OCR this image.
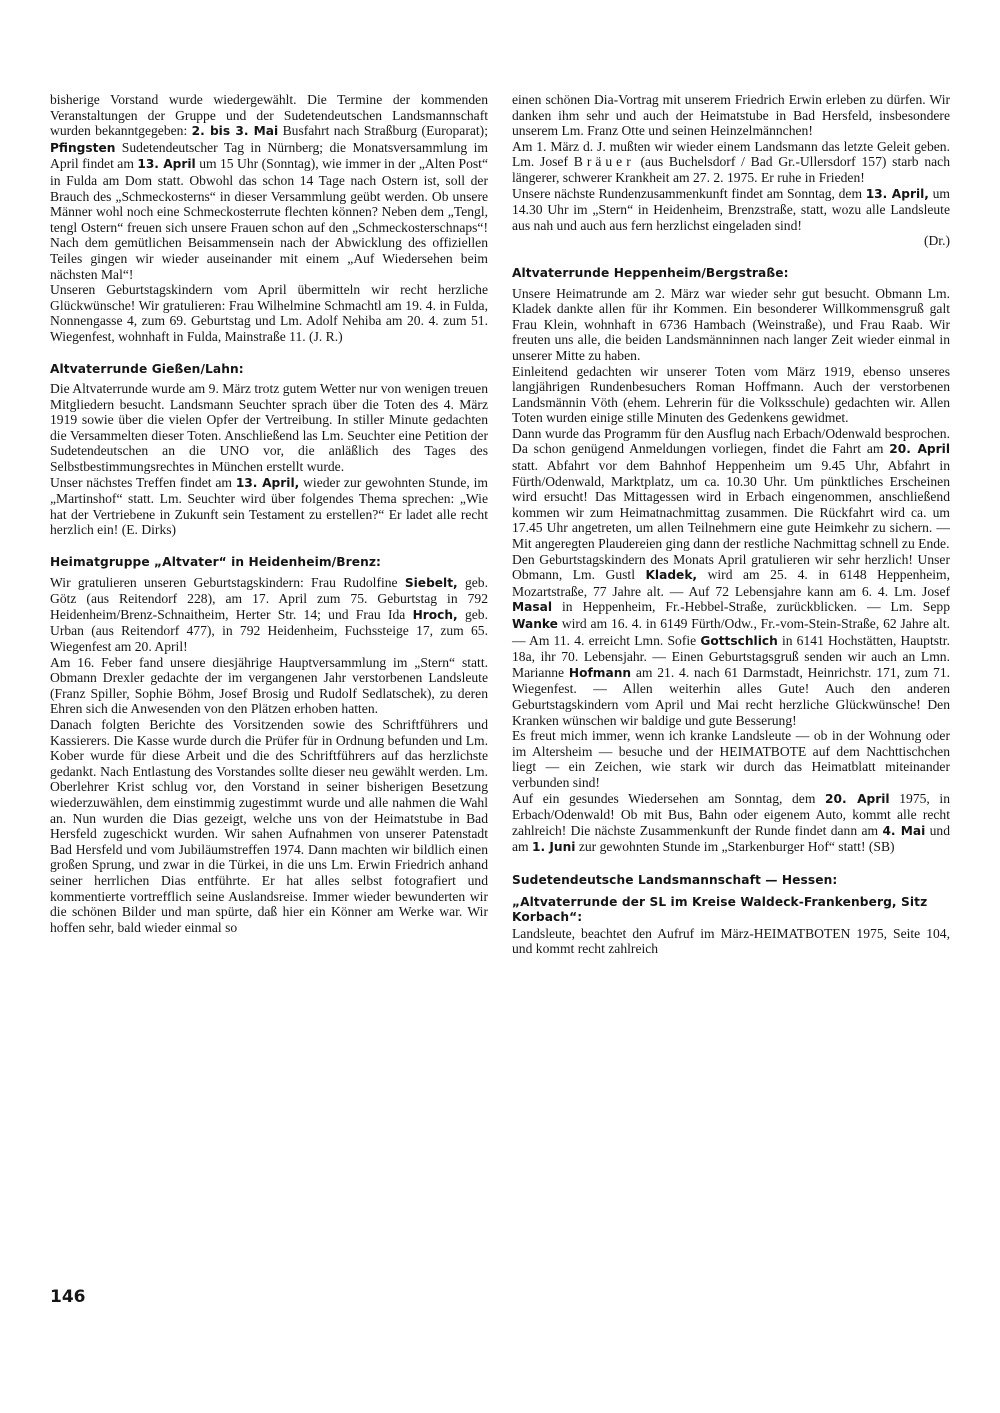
bisherige Vorstand wurde wiedergewählt. Die Termine der kommenden Veranstaltungen der Gruppe und der Sudetendeutschen Landsmannschaft wurden bekanntgegeben: 2. bis 3. Mai Busfahrt nach Straßburg (Europarat); Pfingsten Sudetendeutscher Tag in Nürnberg; die Monatsversammlung im April findet am 13. April um 15 Uhr (Sonntag), wie immer in der „Alten Post“ in Fulda am Dom statt. Obwohl das schon 14 Tage nach Ostern ist, soll der Brauch des „Schmeckosterns“ in dieser Versammlung geübt werden. Ob unsere Männer wohl noch eine Schmeckosterrute flechten können? Neben dem „Tengl, tengl Ostern“ freuen sich unsere Frauen schon auf den „Schmeckosterschnaps“! Nach dem gemütlichen Beisammensein nach der Abwicklung des offiziellen Teiles gingen wir wieder auseinander mit einem „Auf Wiedersehen beim nächsten Mal“!

Unseren Geburtstagskindern vom April übermitteln wir recht herzliche Glückwünsche! Wir gratulieren: Frau Wilhelmine Schmachtl am 19. 4. in Fulda, Nonnengasse 4, zum 69. Geburtstag und Lm. Adolf Nehiba am 20. 4. zum 51. Wiegenfest, wohnhaft in Fulda, Mainstraße 11. (J. R.)

Altvaterrunde Gießen/Lahn:

Die Altvaterrunde wurde am 9. März trotz gutem Wetter nur von wenigen treuen Mitgliedern besucht. Landsmann Seuchter sprach über die Toten des 4. März 1919 sowie über die vielen Opfer der Vertreibung. In stiller Minute gedachten die Versammelten dieser Toten. Anschließend las Lm. Seuchter eine Petition der Sudetendeutschen an die UNO vor, die anläßlich des Tages des Selbstbestimmungsrechtes in München erstellt wurde.

Unser nächstes Treffen findet am 13. April, wieder zur gewohnten Stunde, im „Martinshof“ statt. Lm. Seuchter wird über folgendes Thema sprechen: „Wie hat der Vertriebene in Zukunft sein Testament zu erstellen?“ Er ladet alle recht herzlich ein! (E. Dirks)

Heimatgruppe „Altvater“ in Heidenheim/Brenz:

Wir gratulieren unseren Geburtstagskindern: Frau Rudolfine Siebelt, geb. Götz (aus Reitendorf 228), am 17. April zum 75. Geburtstag in 792 Heidenheim/Brenz-Schnaitheim, Herter Str. 14; und Frau Ida Hroch, geb. Urban (aus Reitendorf 477), in 792 Heidenheim, Fuchssteige 17, zum 65. Wiegenfest am 20. April!

Am 16. Feber fand unsere diesjährige Hauptversammlung im „Stern“ statt. Obmann Drexler gedachte der im vergangenen Jahr verstorbenen Landsleute (Franz Spiller, Sophie Böhm, Josef Brosig und Rudolf Sedlatschek), zu deren Ehren sich die Anwesenden von den Plätzen erhoben hatten.

Danach folgten Berichte des Vorsitzenden sowie des Schriftführers und Kassierers. Die Kasse wurde durch die Prüfer für in Ordnung befunden und Lm. Kober wurde für diese Arbeit und die des Schriftführers auf das herzlichste gedankt. Nach Entlastung des Vorstandes sollte dieser neu gewählt werden. Lm. Oberlehrer Krist schlug vor, den Vorstand in seiner bisherigen Besetzung wiederzuwählen, dem einstimmig zugestimmt wurde und alle nahmen die Wahl an. Nun wurden die Dias gezeigt, welche uns von der Heimatstube in Bad Hersfeld zugeschickt wurden. Wir sahen Aufnahmen von unserer Patenstadt Bad Hersfeld und vom Jubiläumstreffen 1974. Dann machten wir bildlich einen großen Sprung, und zwar in die Türkei, in die uns Lm. Erwin Friedrich anhand seiner herrlichen Dias entführte. Er hat alles selbst fotografiert und kommentierte vortrefflich seine Auslandsreise. Immer wieder bewunderten wir die schönen Bilder und man spürte, daß hier ein Könner am Werke war. Wir hoffen sehr, bald wieder einmal so

einen schönen Dia-Vortrag mit unserem Friedrich Erwin erleben zu dürfen. Wir danken ihm sehr und auch der Heimatstube in Bad Hersfeld, insbesondere unserem Lm. Franz Otte und seinen Heinzelmännchen!

Am 1. März d. J. mußten wir wieder einem Landsmann das letzte Geleit geben. Lm. Josef Bräuer (aus Buchelsdorf / Bad Gr.-Ullersdorf 157) starb nach längerer, schwerer Krankheit am 27. 2. 1975. Er ruhe in Frieden!

Unsere nächste Rundenzusammenkunft findet am Sonntag, dem 13. April, um 14.30 Uhr im „Stern“ in Heidenheim, Brenzstraße, statt, wozu alle Landsleute aus nah und auch aus fern herzlichst eingeladen sind!

(Dr.)

Altvaterrunde Heppenheim/Bergstraße:

Unsere Heimatrunde am 2. März war wieder sehr gut besucht. Obmann Lm. Kladek dankte allen für ihr Kommen. Ein besonderer Willkommensgruß galt Frau Klein, wohnhaft in 6736 Hambach (Weinstraße), und Frau Raab. Wir freuten uns alle, die beiden Landsmänninnen nach langer Zeit wieder einmal in unserer Mitte zu haben.

Einleitend gedachten wir unserer Toten vom März 1919, ebenso unseres langjährigen Rundenbesuchers Roman Hoffmann. Auch der verstorbenen Landsmännin Vöth (ehem. Lehrerin für die Volksschule) gedachten wir. Allen Toten wurden einige stille Minuten des Gedenkens gewidmet.

Dann wurde das Programm für den Ausflug nach Erbach/Odenwald besprochen. Da schon genügend Anmeldungen vorliegen, findet die Fahrt am 20. April statt. Abfahrt vor dem Bahnhof Heppenheim um 9.45 Uhr, Abfahrt in Fürth/Odenwald, Marktplatz, um ca. 10.30 Uhr. Um pünktliches Erscheinen wird ersucht! Das Mittagessen wird in Erbach eingenommen, anschließend kommen wir zum Heimatnachmittag zusammen. Die Rückfahrt wird ca. um 17.45 Uhr angetreten, um allen Teilnehmern eine gute Heimkehr zu sichern. — Mit angeregten Plaudereien ging dann der restliche Nachmittag schnell zu Ende.

Den Geburtstagskindern des Monats April gratulieren wir sehr herzlich! Unser Obmann, Lm. Gustl Kladek, wird am 25. 4. in 6148 Heppenheim, Mozartstraße, 77 Jahre alt. — Auf 72 Lebensjahre kann am 6. 4. Lm. Josef Masal in Heppenheim, Fr.-Hebbel-Straße, zurückblicken. — Lm. Sepp Wanke wird am 16. 4. in 6149 Fürth/Odw., Fr.-vom-Stein-Straße, 62 Jahre alt. — Am 11. 4. erreicht Lmn. Sofie Gottschlich in 6141 Hochstätten, Hauptstr. 18a, ihr 70. Lebensjahr. — Einen Geburtstagsgruß senden wir auch an Lmn. Marianne Hofmann am 21. 4. nach 61 Darmstadt, Heinrichstr. 171, zum 71. Wiegenfest. — Allen weiterhin alles Gute! Auch den anderen Geburtstagskindern vom April und Mai recht herzliche Glückwünsche! Den Kranken wünschen wir baldige und gute Besserung!

Es freut mich immer, wenn ich kranke Landsleute — ob in der Wohnung oder im Altersheim — besuche und der HEIMATBOTE auf dem Nachttischchen liegt — ein Zeichen, wie stark wir durch das Heimatblatt miteinander verbunden sind!

Auf ein gesundes Wiedersehen am Sonntag, dem 20. April 1975, in Erbach/Odenwald! Ob mit Bus, Bahn oder eigenem Auto, kommt alle recht zahlreich! Die nächste Zusammenkunft der Runde findet dann am 4. Mai und am 1. Juni zur gewohnten Stunde im „Starkenburger Hof“ statt! (SB)

Sudetendeutsche Landsmannschaft — Hessen:
„Altvaterrunde der SL im Kreise Waldeck-Frankenberg, Sitz Korbach“:

Landsleute, beachtet den Aufruf im März-HEIMATBOTEN 1975, Seite 104, und kommt recht zahlreich

146
